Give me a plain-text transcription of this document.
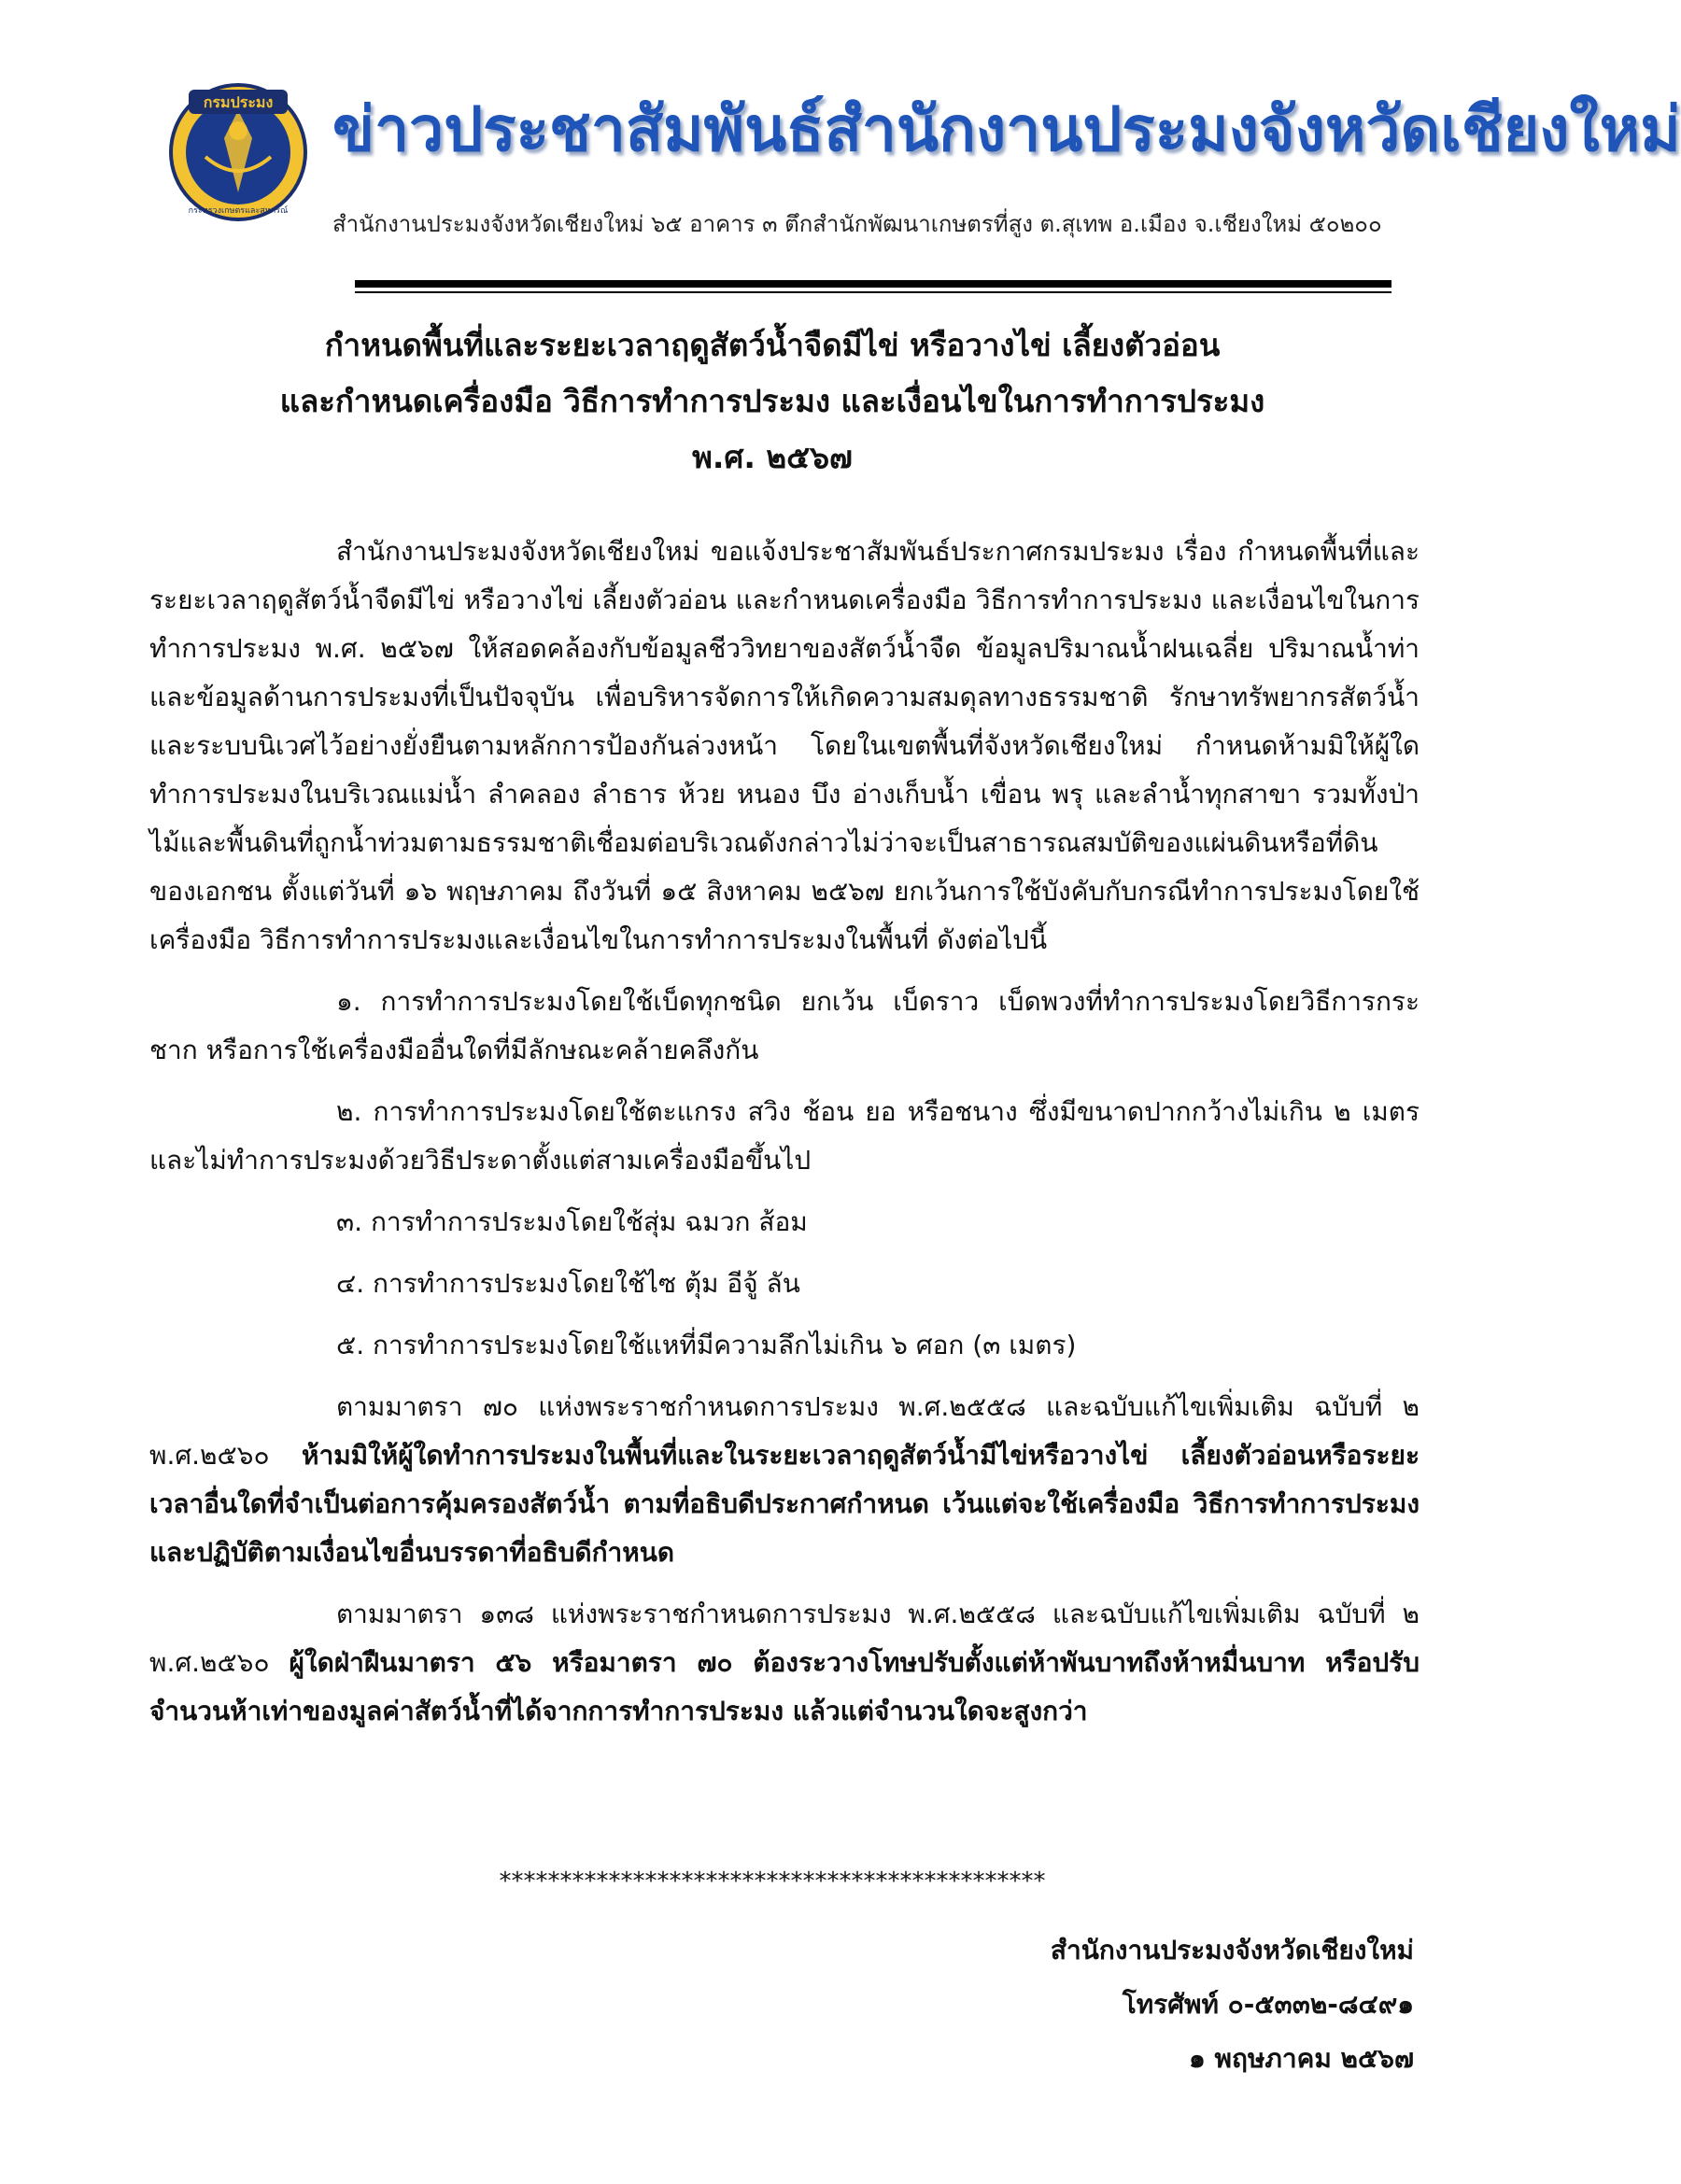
กรมประมง
กระทรวงเกษตรและสหกรณ์
ข่าวประชาสัมพันธ์สำนักงานประมงจังหวัดเชียงใหม่
สำนักงานประมงจังหวัดเชียงใหม่ ๖๕ อาคาร ๓ ตึกสำนักพัฒนาเกษตรที่สูง ต.สุเทพ อ.เมือง จ.เชียงใหม่ ๕๐๒๐๐
กำหนดพื้นที่และระยะเวลาฤดูสัตว์น้ำจืดมีไข่ หรือวางไข่ เลี้ยงตัวอ่อน
และกำหนดเครื่องมือ วิธีการทำการประมง และเงื่อนไขในการทำการประมง
พ.ศ. ๒๕๖๗

สำนักงานประมงจังหวัดเชียงใหม่ ขอแจ้งประชาสัมพันธ์ประกาศกรมประมง เรื่อง กำหนดพื้นที่และระยะเวลาฤดูสัตว์น้ำจืดมีไข่ หรือวางไข่ เลี้ยงตัวอ่อน และกำหนดเครื่องมือ วิธีการทำการประมง และเงื่อนไขในการทำการประมง พ.ศ. ๒๕๖๗ ให้สอดคล้องกับข้อมูลชีววิทยาของสัตว์น้ำจืด ข้อมูลปริมาณน้ำฝนเฉลี่ย ปริมาณน้ำท่า และข้อมูลด้านการประมงที่เป็นปัจจุบัน เพื่อบริหารจัดการให้เกิดความสมดุลทางธรรมชาติ รักษาทรัพยากรสัตว์น้ำและระบบนิเวศไว้อย่างยั่งยืนตามหลักการป้องกันล่วงหน้า โดยในเขตพื้นที่จังหวัดเชียงใหม่ กำหนดห้ามมิให้ผู้ใดทำการประมงในบริเวณแม่น้ำ ลำคลอง ลำธาร ห้วย หนอง บึง อ่างเก็บน้ำ เขื่อน พรุ และลำน้ำทุกสาขา รวมทั้งป่าไม้และพื้นดินที่ถูกน้ำท่วมตามธรรมชาติเชื่อมต่อบริเวณดังกล่าวไม่ว่าจะเป็นสาธารณสมบัติของแผ่นดินหรือที่ดินของเอกชน ตั้งแต่วันที่ ๑๖ พฤษภาคม ถึงวันที่ ๑๕ สิงหาคม ๒๕๖๗ ยกเว้นการใช้บังคับกับกรณีทำการประมงโดยใช้เครื่องมือ วิธีการทำการประมงและเงื่อนไขในการทำการประมงในพื้นที่ ดังต่อไปนี้

๑. การทำการประมงโดยใช้เบ็ดทุกชนิด ยกเว้น เบ็ดราว เบ็ดพวงที่ทำการประมงโดยวิธีการกระชาก หรือการใช้เครื่องมืออื่นใดที่มีลักษณะคล้ายคลึงกัน

๒. การทำการประมงโดยใช้ตะแกรง สวิง ช้อน ยอ หรือชนาง ซึ่งมีขนาดปากกว้างไม่เกิน ๒ เมตร และไม่ทำการประมงด้วยวิธีประดาตั้งแต่สามเครื่องมือขึ้นไป

๓. การทำการประมงโดยใช้สุ่ม ฉมวก ส้อม

๔. การทำการประมงโดยใช้ไซ ตุ้ม อีจู้ ลัน

๕. การทำการประมงโดยใช้แหที่มีความลึกไม่เกิน ๖ ศอก (๓ เมตร)

ตามมาตรา ๗๐ แห่งพระราชกำหนดการประมง พ.ศ.๒๕๕๘ และฉบับแก้ไขเพิ่มเติม ฉบับที่ ๒ พ.ศ.๒๕๖๐ ห้ามมิให้ผู้ใดทำการประมงในพื้นที่และในระยะเวลาฤดูสัตว์น้ำมีไข่หรือวางไข่ เลี้ยงตัวอ่อนหรือระยะเวลาอื่นใดที่จำเป็นต่อการคุ้มครองสัตว์น้ำ ตามที่อธิบดีประกาศกำหนด เว้นแต่จะใช้เครื่องมือ วิธีการทำการประมงและปฏิบัติตามเงื่อนไขอื่นบรรดาที่อธิบดีกำหนด

ตามมาตรา ๑๓๘ แห่งพระราชกำหนดการประมง พ.ศ.๒๕๕๘ และฉบับแก้ไขเพิ่มเติม ฉบับที่ ๒ พ.ศ.๒๕๖๐ ผู้ใดฝ่าฝืนมาตรา ๕๖ หรือมาตรา ๗๐ ต้องระวางโทษปรับตั้งแต่ห้าพันบาทถึงห้าหมื่นบาท หรือปรับจำนวนห้าเท่าของมูลค่าสัตว์น้ำที่ได้จากการทำการประมง แล้วแต่จำนวนใดจะสูงกว่า

*********************************************
สำนักงานประมงจังหวัดเชียงใหม่
โทรศัพท์ ๐-๕๓๓๒-๘๔๙๑
๑ พฤษภาคม ๒๕๖๗
